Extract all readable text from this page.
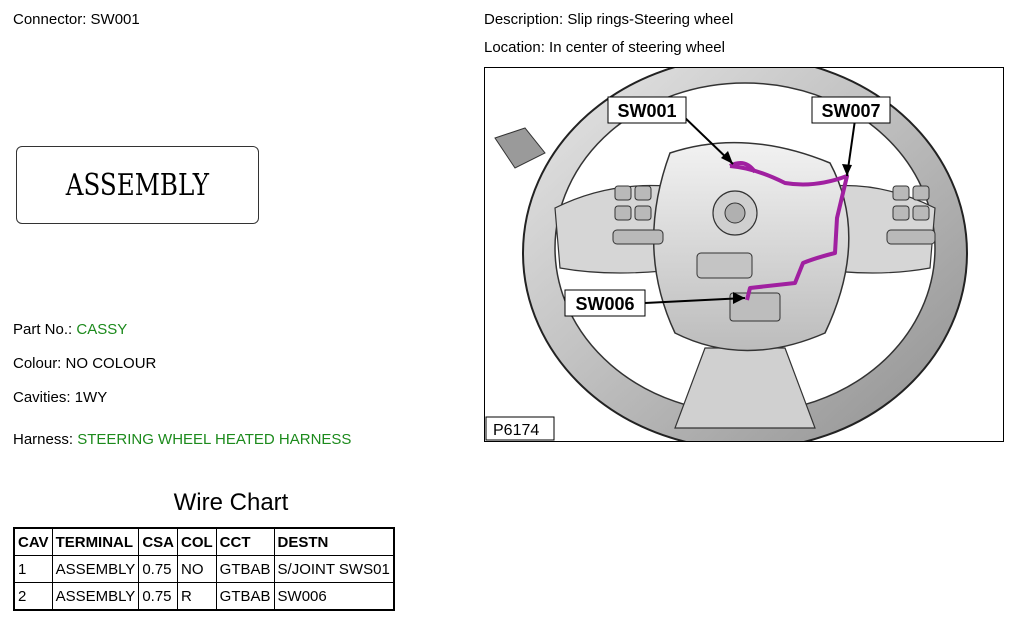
Connector: SW001	Description: Slip rings-Steering wheel
Location: In center of steering wheel
ASSEMBLY
Part No.: CASSY
Colour: NO COLOUR
Cavities: 1WY
Harness: STEERING WHEEL HEATED HARNESS
SW001	SW007
SW006
P6174
Wire Chart
CAV	TERMINAL	CSA	COL	CCT	DESTN
1	ASSEMBLY	0.75	NO	GTBAB	S/JOINT SWS01
2	ASSEMBLY	0.75	R	GTBAB	SW006
